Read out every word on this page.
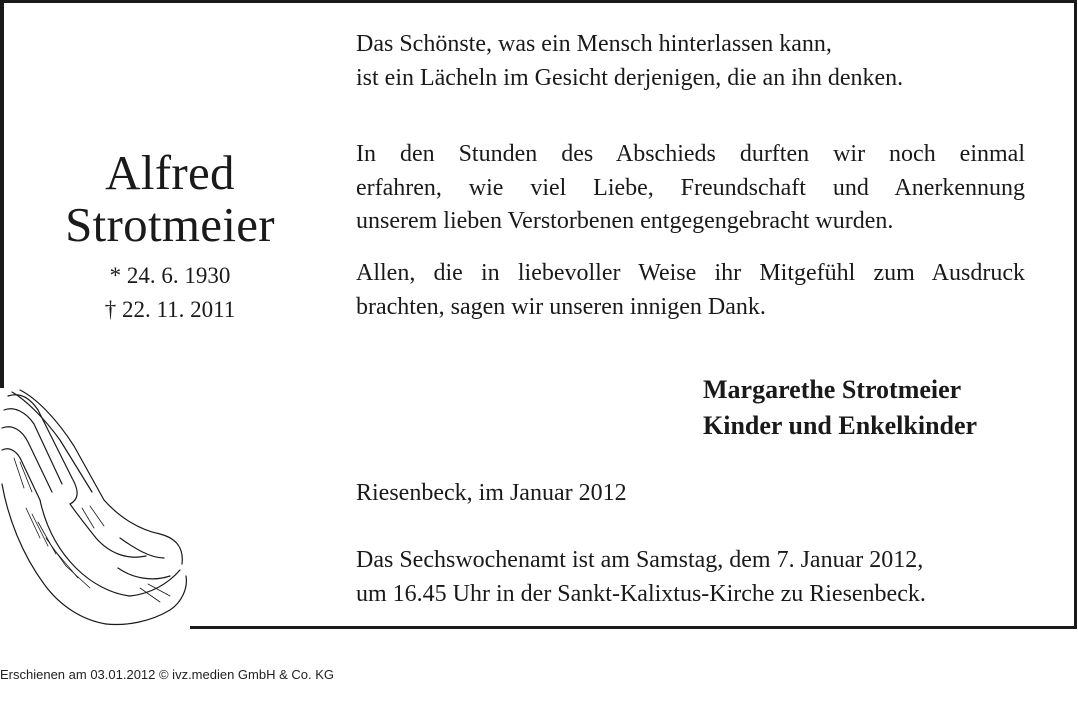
Alfred
Strotmeier
* 24. 6. 1930
† 22. 11. 2011
Das Schönste, was ein Mensch hinterlassen kann,
ist ein Lächeln im Gesicht derjenigen, die an ihn denken.
In den Stunden des Abschieds durften wir noch einmal
erfahren, wie viel Liebe, Freundschaft und Anerkennung
unserem lieben Verstorbenen entgegengebracht wurden.
Allen, die in liebevoller Weise ihr Mitgefühl zum Ausdruck
brachten, sagen wir unseren innigen Dank.
Margarethe Strotmeier
Kinder und Enkelkinder
Riesenbeck, im Januar 2012
Das Sechswochenamt ist am Samstag, dem 7. Januar 2012,
um 16.45 Uhr in der Sankt-Kalixtus-Kirche zu Riesenbeck.
Erschienen am 03.01.2012 © ivz.medien GmbH & Co. KG
